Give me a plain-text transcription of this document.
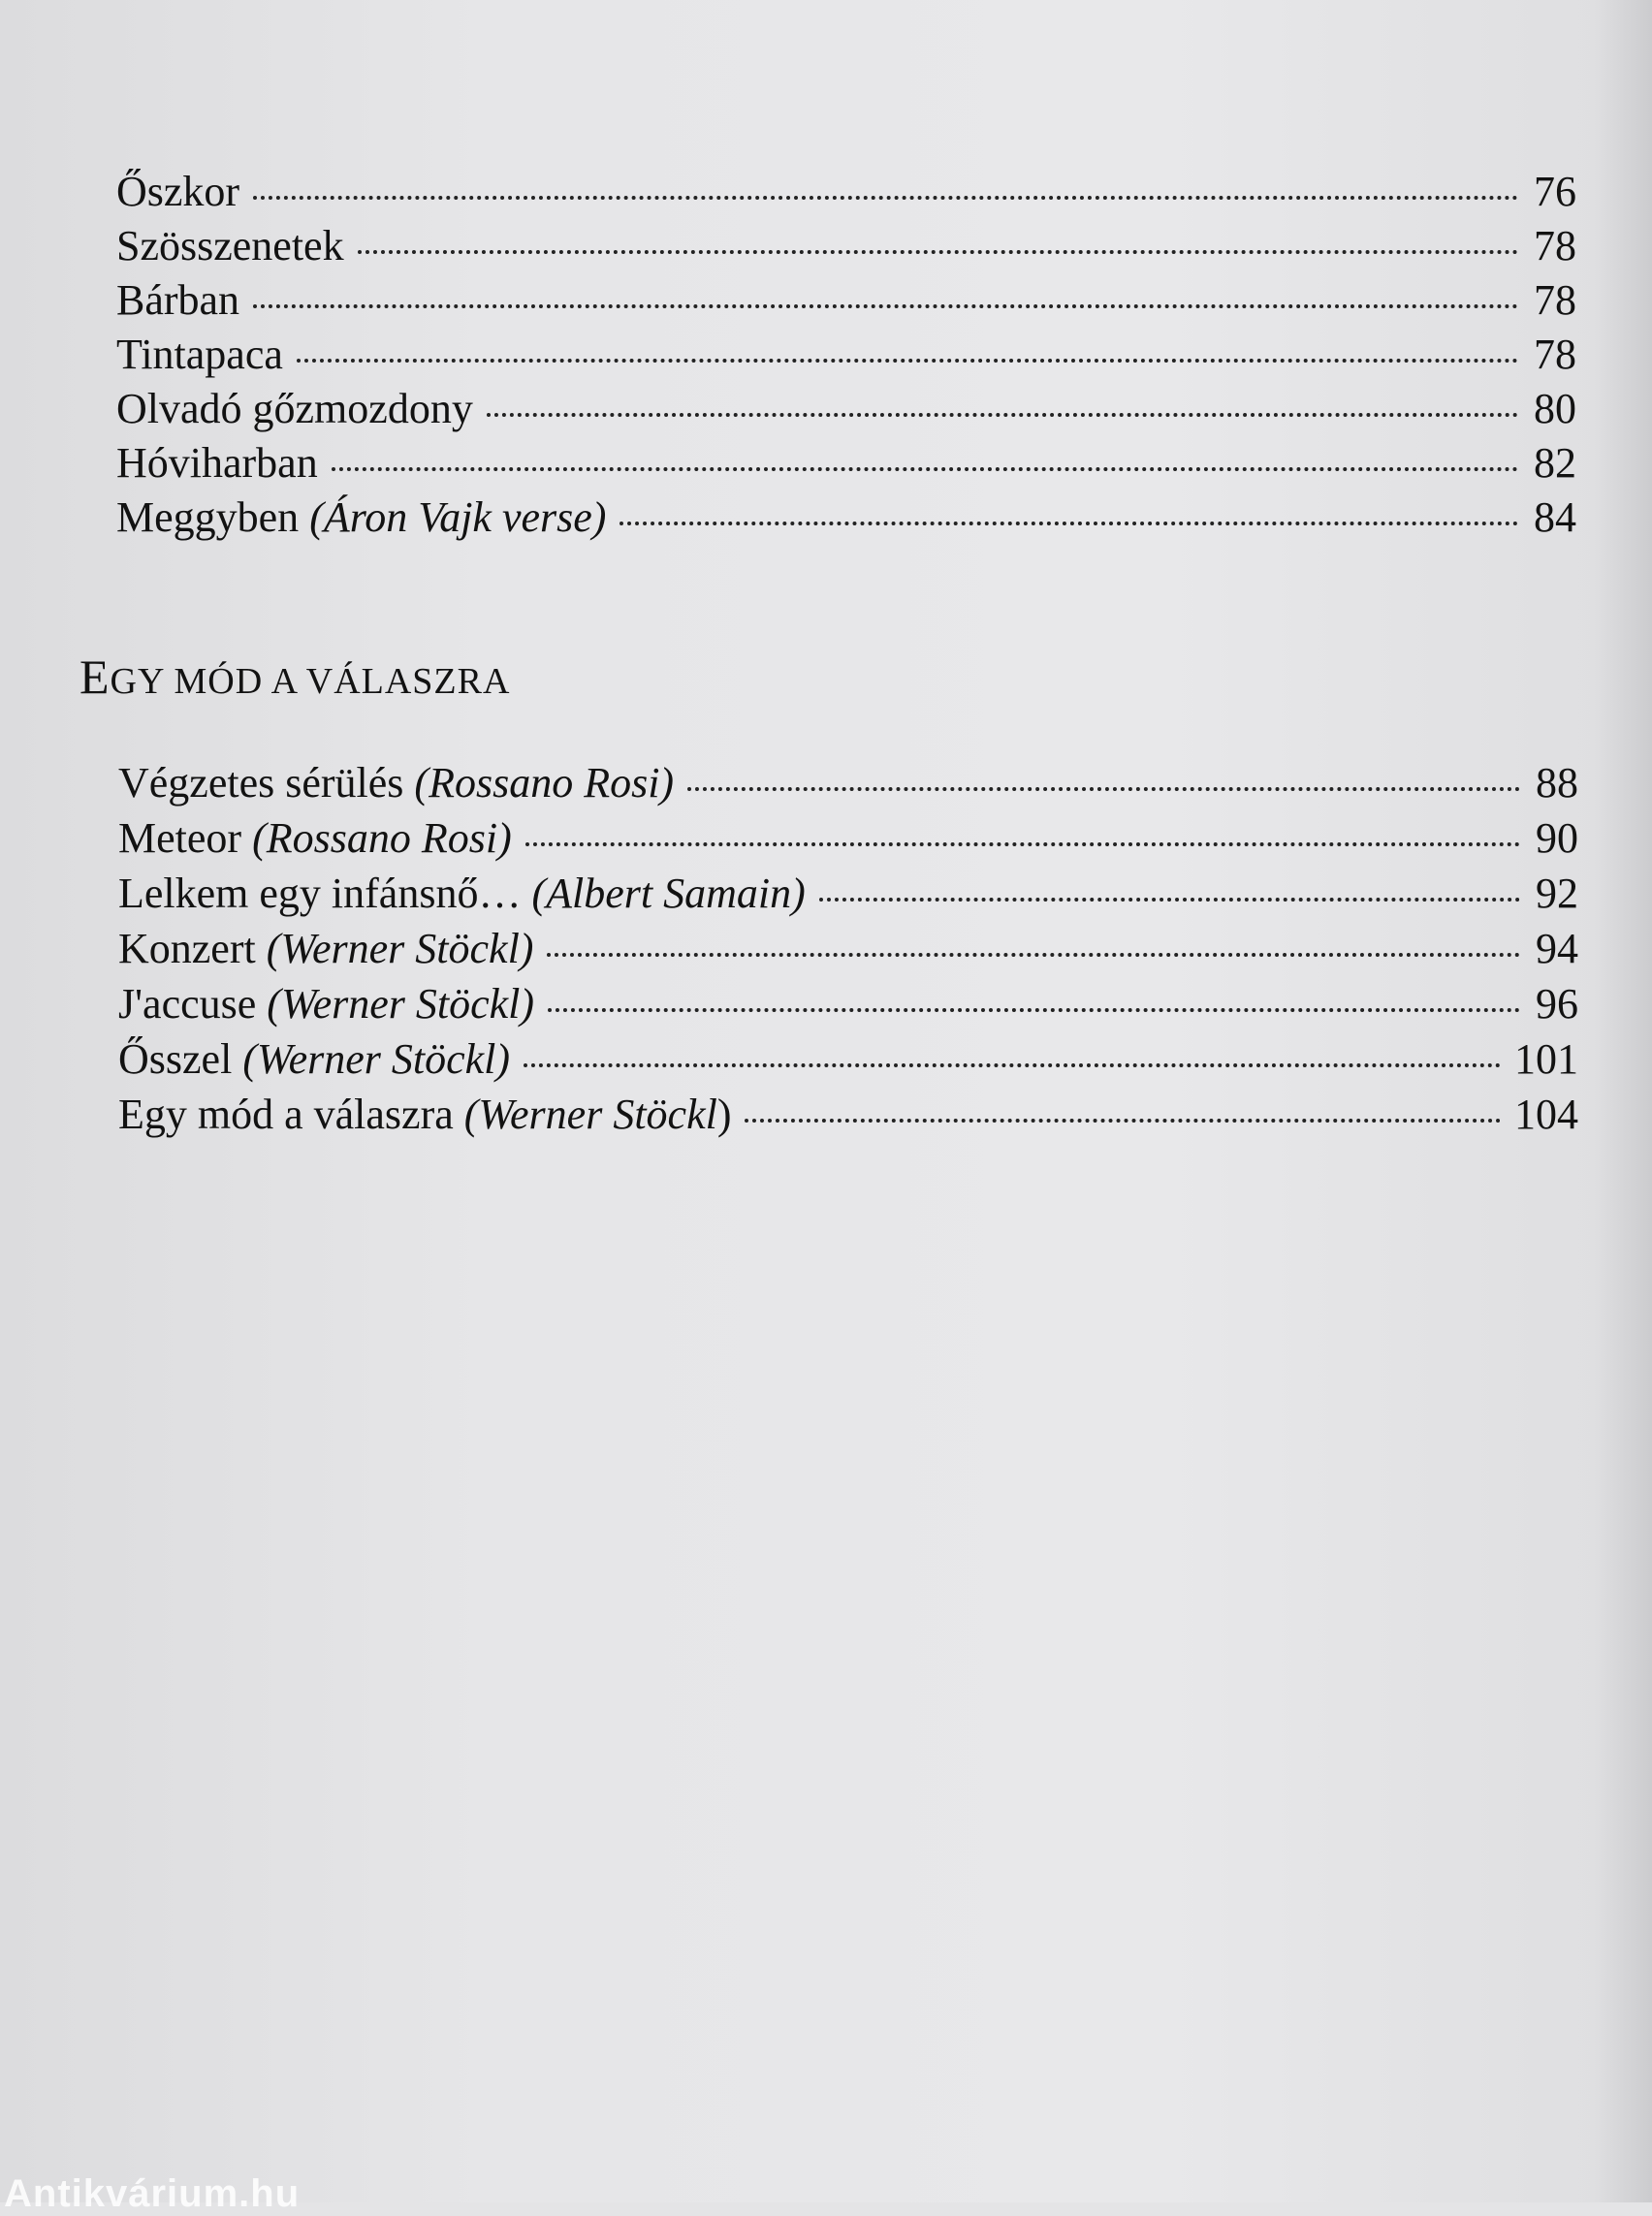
Őszkor	76
Szösszenetek	78
Bárban	78
Tintapaca	78
Olvadó gőzmozdony	80
Hóviharban	82
Meggyben (Áron Vajk verse)	84
EGY MÓD A VÁLASZRA
Végzetes sérülés (Rossano Rosi)	88
Meteor (Rossano Rosi)	90
Lelkem egy infánsnő… (Albert Samain)	92
Konzert (Werner Stöckl)	94
J'accuse (Werner Stöckl)	96
Ősszel (Werner Stöckl)	101
Egy mód a válaszra (Werner Stöckl )	104
Antikvárium.hu
